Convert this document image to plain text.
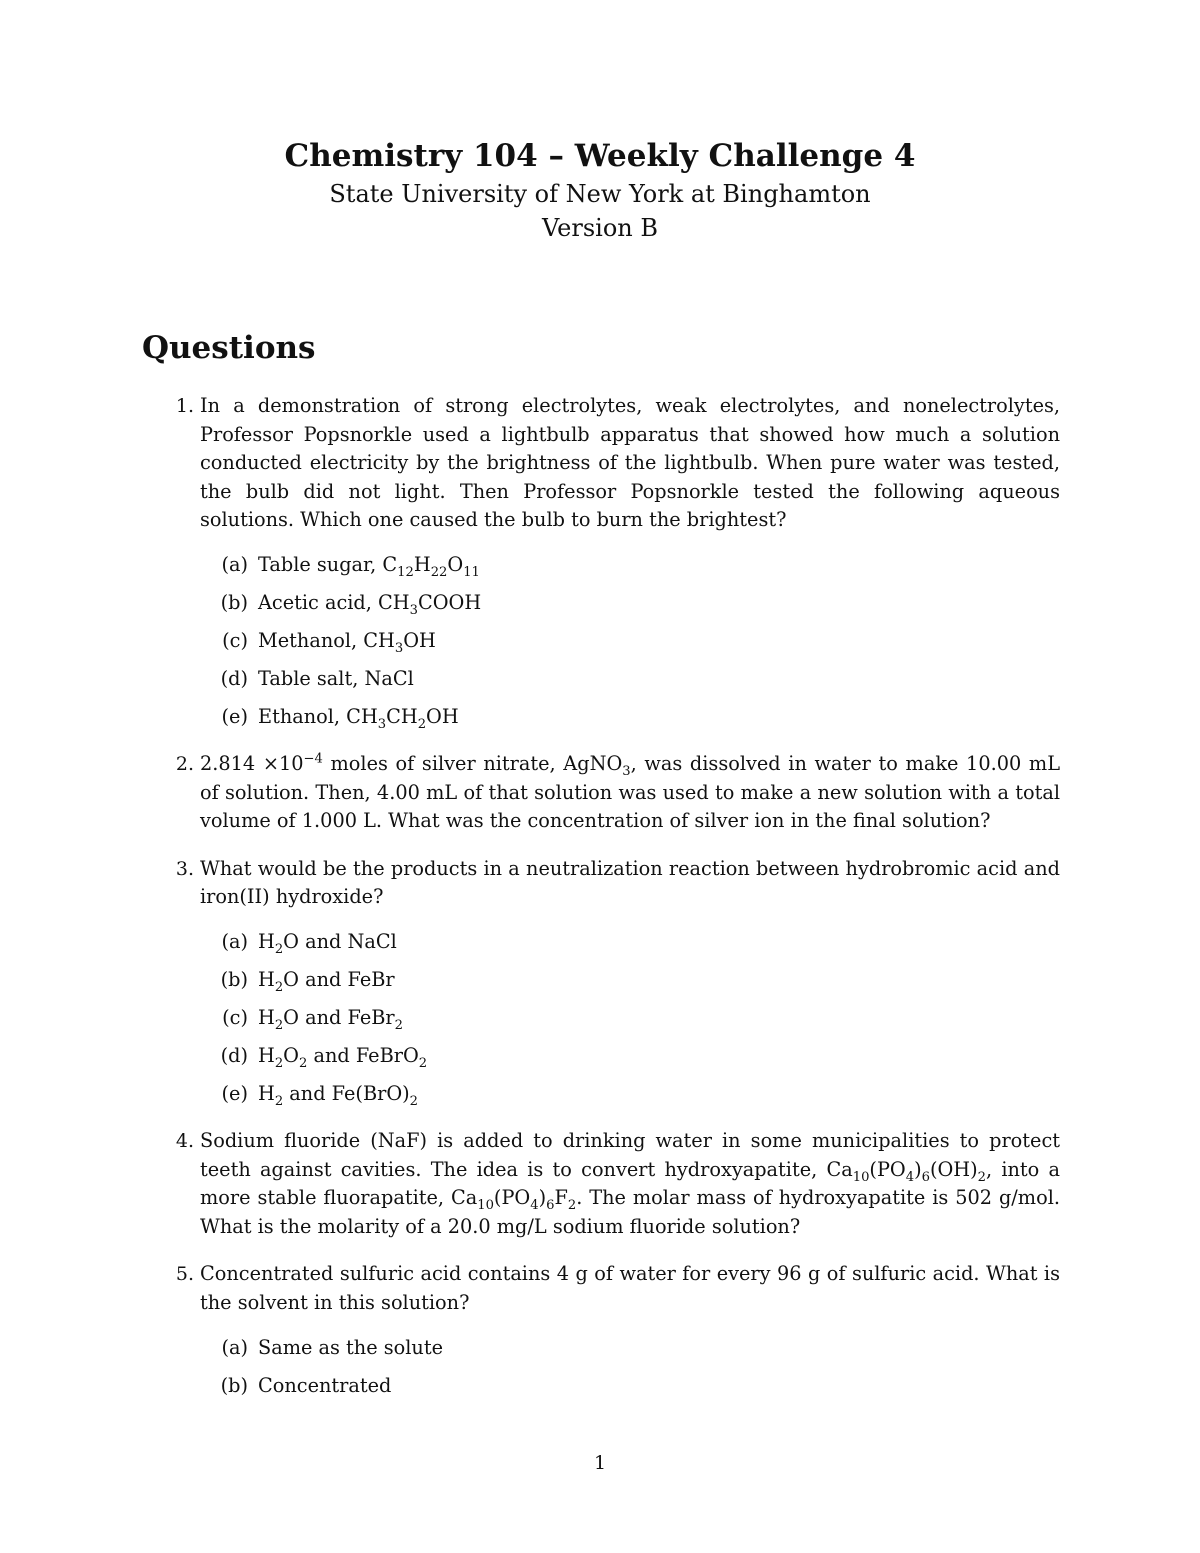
Chemistry 104 – Weekly Challenge 4

State University of New York at Binghamton

Version B

Questions
1. In a demonstration of strong electrolytes, weak electrolytes, and nonelectrolytes, Professor Popsnorkle used a lightbulb apparatus that showed how much a solution conducted electricity by the brightness of the lightbulb. When pure water was tested, the bulb did not light. Then Professor Popsnorkle tested the following aqueous solutions. Which one caused the bulb to burn the brightest?

(a) Table sugar, $C_{12}H_{22}O_{11}$
(b) Acetic acid, $CH_3COOH$
(c) Methanol, $CH_3OH$
(d) Table salt, NaCl
(e) Ethanol, $CH_3CH_2OH$
2. $2.814 \times 10^{-4}$ moles of silver nitrate, AgNO$_3$, was dissolved in water to make 10.00 mL of solution. Then, 4.00 mL of that solution was used to make a new solution with a total volume of 1.000 L. What was the concentration of silver ion in the final solution?

3. What would be the products in a neutralization reaction between hydrobromic acid and iron(II) hydroxide?

(a) $H_2O$ and NaCl
(b) $H_2O$ and FeBr
(c) $H_2O$ and FeBr$_2$
(d) $H_2O_2$ and FeBrO$_2$
(e) $H_2$ and $Fe(BrO)_2$
4. Sodium fluoride (NaF) is added to drinking water in some municipalities to protect teeth against cavities. The idea is to convert hydroxyapatite, $Ca_{10}(PO_4)_6(OH)_2$, into a more stable fluorapatite, $Ca_{10}(PO_4)_6F_2$. The molar mass of hydroxyapatite is 502 g/mol. What is the molarity of a 20.0 mg/L sodium fluoride solution?

5. Concentrated sulfuric acid contains 4 g of water for every 96 g of sulfuric acid. What is the solvent in this solution?

(a) Same as the solute
(b) Concentrated
1
